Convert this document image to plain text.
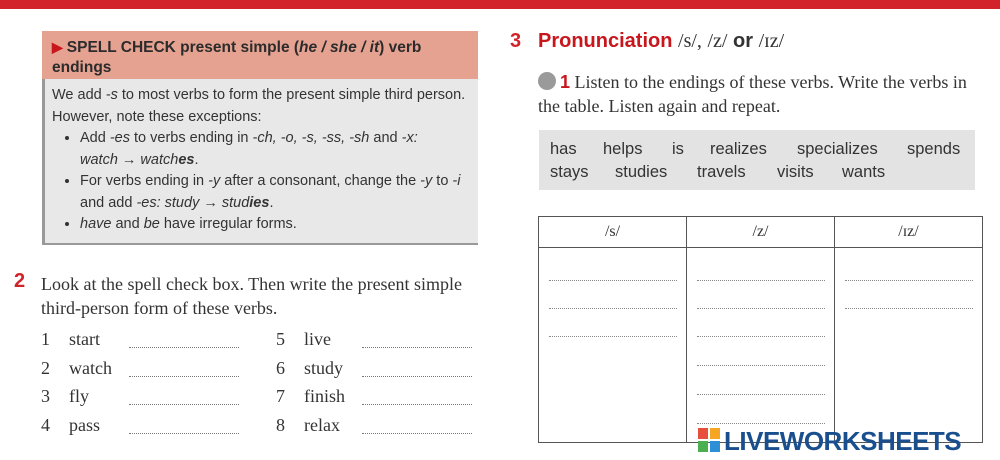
▶ SPELL CHECK present simple (he / she / it) verb endings
We add -s to most verbs to form the present simple third person. However, note these exceptions:
• Add -es to verbs ending in -ch, -o, -s, -ss, -sh and -x:
watch → watches.
• For verbs ending in -y after a consonant, change the -y to -i and add -es: study → studies.
• have and be have irregular forms.
2 Look at the spell check box. Then write the present simple third-person form of these verbs.
1 start
2 watch
3 fly
4 pass
5 live
6 study
7 finish
8 relax
3 Pronunciation /s/, /z/ or /ɪz/
1 Listen to the endings of these verbs. Write the verbs in the table. Listen again and repeat.
has helps is realizes specializes spends
stays studies travels visits wants
/s/	/z/	/ɪz/

LIVEWORKSHEETS
